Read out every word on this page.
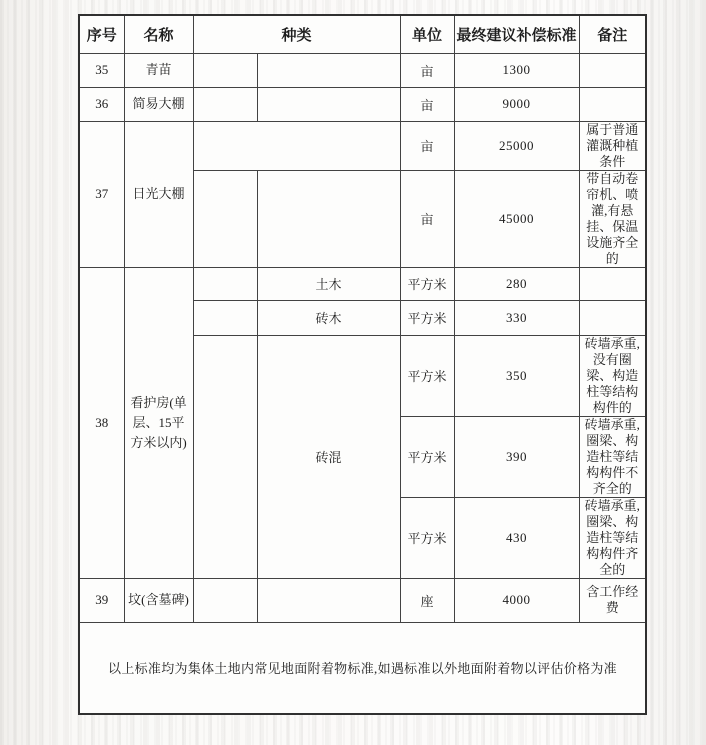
序号	名称	种类		单位	最终建议补偿标准	备注
35	青苗			亩	1300	
36	简易大棚			亩	9000	
37	日光大棚			亩	25000	属于普通灌溉种植条件
				亩	45000	带自动卷帘机、喷灌,有悬挂、保温设施齐全的
38	看护房(单层、15平方米以内)		土木	平方米	280	
			砖木	平方米	330	
			砖混	平方米	350	砖墙承重,没有圈梁、构造柱等结构构件的
				平方米	390	砖墙承重,圈梁、构造柱等结构构件不齐全的
				平方米	430	砖墙承重,圈梁、构造柱等结构构件齐全的
39	坟(含墓碑)			座	4000	含工作经费
以上标准均为集体土地内常见地面附着物标准,如遇标准以外地面附着物以评估价格为准						
